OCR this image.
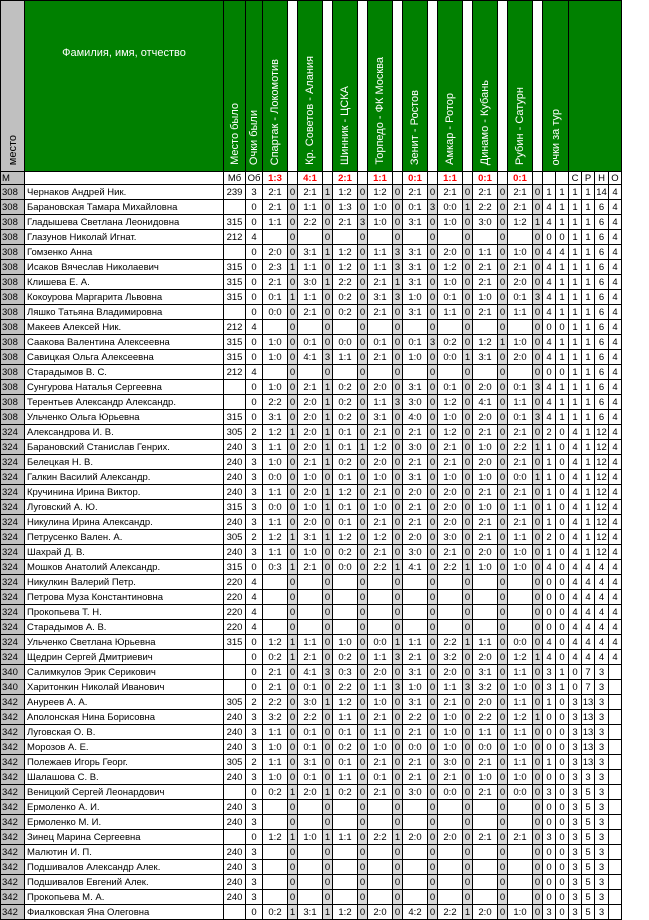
место	Фамилия, имя, отчество	Место было	Очки были	Спартак - Локомотив		Кр. Советов - Алания		Шинник - ЦСКА		Торпедо - ФК Москва		Зенит - Ростов		Амкар - Ротор		Динамо - Кубань		Рубин - Сатурн		очки за тур					
М		Мб	Об	1:3		4:1		2:1		1:1		0:1		1:1		0:1		0:1				С	Р	Н	О
308	Чернаков Андрей Ник.	239	3	2:1	0	2:1	1	1:2	0	1:2	0	2:1	0	2:1	0	2:1	0	2:1	0	1	1	1	1	14	4
308	Барановская Тамара Михайловна		0	2:1	0	1:1	0	1:3	0	1:0	0	0:1	3	0:0	1	2:2	0	2:1	0	4	1	1	1	6	4
308	Гладышева Светлана Леонидовна	315	0	1:1	0	2:2	0	2:1	3	1:0	0	3:1	0	1:0	0	3:0	0	1:2	1	4	1	1	1	6	4
308	Глазунов Николай Игнат.	212	4		0		0		0		0		0		0		0		0	0	0	1	1	6	4
308	Гомзенко Анна		0	2:0	0	3:1	1	1:2	0	1:1	3	3:1	0	2:0	0	1:1	0	1:0	0	4	4	1	1	6	4
308	Исаков Вячеслав Николаевич	315	0	2:3	1	1:1	0	1:2	0	1:1	3	3:1	0	1:2	0	2:1	0	2:1	0	4	1	1	1	6	4
308	Клишева Е. А.	315	0	2:1	0	3:0	1	2:2	0	2:1	1	3:1	0	1:0	0	2:1	0	2:0	0	4	1	1	1	6	4
308	Кокоурова Маргарита Львовна	315	0	0:1	1	1:1	0	0:2	0	3:1	3	1:0	0	0:1	0	1:0	0	0:1	3	4	1	1	1	6	4
308	Ляшко Татьяна Владимировна		0	0:0	0	2:1	0	0:2	0	2:1	0	3:1	0	1:1	0	2:1	0	1:1	0	4	1	1	1	6	4
308	Макеев Алексей Ник.	212	4		0		0		0		0		0		0		0		0	0	0	1	1	6	4
308	Саакова Валентина Алексеевна	315	0	1:0	0	0:1	0	0:0	0	0:1	0	0:1	3	0:2	0	1:2	1	1:0	0	4	1	1	1	6	4
308	Савицкая Ольга Алексеевна	315	0	1:0	0	4:1	3	1:1	0	2:1	0	1:0	0	0:0	1	3:1	0	2:0	0	4	1	1	1	6	4
308	Старадымов В. С.	212	4		0		0		0		0		0		0		0		0	0	0	1	1	6	4
308	Сунгурова Наталья Сергеевна		0	1:0	0	2:1	1	0:2	0	2:0	0	3:1	0	0:1	0	2:0	0	0:1	3	4	1	1	1	6	4
308	Терентьев Александр Александр.		0	2:2	0	2:0	1	0:2	0	1:1	3	3:0	0	1:2	0	4:1	0	1:1	0	4	1	1	1	6	4
308	Ульченко Ольга Юрьевна	315	0	3:1	0	2:0	1	0:2	0	3:1	0	4:0	0	1:0	0	2:0	0	0:1	3	4	1	1	1	6	4
324	Александрова И. В.	305	2	1:2	1	2:0	1	0:1	0	2:1	0	2:1	0	1:2	0	2:1	0	2:1	0	2	0	4	1	12	4
324	Барановский Станислав Генрих.	240	3	1:1	0	2:0	1	0:1	1	1:2	0	3:0	0	2:1	0	1:0	0	2:2	1	1	0	4	1	12	4
324	Белецкая Н. В.	240	3	1:0	0	2:1	1	0:2	0	2:0	0	2:1	0	2:1	0	2:0	0	2:1	0	1	0	4	1	12	4
324	Галкин Василий Александр.	240	3	0:0	0	1:0	0	0:1	0	1:0	0	3:1	0	1:0	0	1:0	0	0:0	1	1	0	4	1	12	4
324	Кручинина Ирина Виктор.	240	3	1:1	0	2:0	1	1:2	0	2:1	0	2:0	0	2:0	0	2:1	0	2:1	0	1	0	4	1	12	4
324	Луговский А. Ю.	315	3	0:0	0	1:0	1	0:1	0	1:0	0	2:1	0	2:0	0	1:0	0	1:1	0	1	0	4	1	12	4
324	Никулина Ирина Александр.	240	3	1:1	0	2:0	0	0:1	0	2:1	0	2:1	0	2:0	0	2:1	0	2:1	0	1	0	4	1	12	4
324	Петрусенко Вален. А.	305	2	1:2	1	3:1	1	1:2	0	1:2	0	2:0	0	3:0	0	2:1	0	1:1	0	2	0	4	1	12	4
324	Шахрай Д. В.	240	3	1:1	0	1:0	0	0:2	0	2:1	0	3:0	0	2:1	0	2:0	0	1:0	0	1	0	4	1	12	4
324	Мошков Анатолий Александр.	315	0	0:3	1	2:1	0	0:0	0	2:2	1	4:1	0	2:2	1	1:0	0	1:0	0	4	0	4	4	4	4
324	Никулкин Валерий Петр.	220	4		0		0		0		0		0		0		0		0	0	0	4	4	4	4
324	Петрова Муза Константиновна	220	4		0		0		0		0		0		0		0		0	0	0	4	4	4	4
324	Прокопьева Т. Н.	220	4		0		0		0		0		0		0		0		0	0	0	4	4	4	4
324	Старадымов А. В.	220	4		0		0		0		0		0		0		0		0	0	0	4	4	4	4
324	Ульченко Светлана Юрьевна	315	0	1:2	1	1:1	0	1:0	0	0:0	1	1:1	0	2:2	1	1:1	0	0:0	0	4	0	4	4	4	4
324	Щедрин Сергей Дмитриевич		0	0:2	1	2:1	0	0:2	0	1:1	3	2:1	0	3:2	0	2:0	0	1:2	1	4	0	4	4	4	4
340	Салимкулов Эрик Серикович		0	2:1	0	4:1	3	0:3	0	2:0	0	3:1	0	2:0	0	3:1	0	1:1	0	3	1	0	7	3	
340	Харитонкин Николай Иванович		0	2:1	0	0:1	0	2:2	0	1:1	3	1:0	0	1:1	3	3:2	0	1:0	0	3	1	0	7	3	
342	Ануреев А. А.	305	2	2:2	0	3:0	1	1:2	0	1:0	0	3:1	0	2:1	0	2:0	0	1:1	0	1	0	3	13	3	
342	Аполонская Нина Борисовна	240	3	3:2	0	2:2	0	1:1	0	2:1	0	2:2	0	1:0	0	2:2	0	1:2	1	0	0	3	13	3	
342	Луговская О. В.	240	3	1:1	0	0:1	0	0:1	0	1:1	0	2:1	0	1:0	0	1:1	0	1:1	0	0	0	3	13	3	
342	Морозов А. Е.	240	3	1:0	0	0:1	0	0:2	0	1:0	0	0:0	0	1:0	0	0:0	0	1:0	0	0	0	3	13	3	
342	Полежаев Игорь Георг.	305	2	1:1	0	3:1	0	0:1	0	2:1	0	2:1	0	3:0	0	2:1	0	1:1	0	1	0	3	13	3	
342	Шалашова С. В.	240	3	1:0	0	0:1	0	1:1	0	0:1	0	2:1	0	2:1	0	1:0	0	1:0	0	0	0	3	3	3	
342	Веницкий Сергей Леонардович		0	0:2	1	2:0	1	0:2	0	2:1	0	3:0	0	0:0	0	2:1	0	0:0	0	3	0	3	5	3	
342	Ермоленко А. И.	240	3		0		0		0		0		0		0		0		0	0	0	3	5	3	
342	Ермоленко М. И.	240	3		0		0		0		0		0		0		0		0	0	0	3	5	3	
342	Зинец Марина Сергеевна		0	1:2	1	1:0	1	1:1	0	2:2	1	2:0	0	2:0	0	2:1	0	2:1	0	3	0	3	5	3	
342	Малютин И. П.	240	3		0		0		0		0		0		0		0		0	0	0	3	5	3	
342	Подшивалов Александр Алек.	240	3		0		0		0		0		0		0		0		0	0	0	3	5	3	
342	Подшивалов Евгений Алек.	240	3		0		0		0		0		0		0		0		0	0	0	3	5	3	
342	Прокопьева М. А.	240	3		0		0		0		0		0		0		0		0	0	0	3	5	3	
342	Фиалковская Яна Олеговна		0	0:2	1	3:1	1	1:2	0	2:0	0	4:2	0	2:2	1	2:0	0	1:0	0	3	0	3	5	3	
